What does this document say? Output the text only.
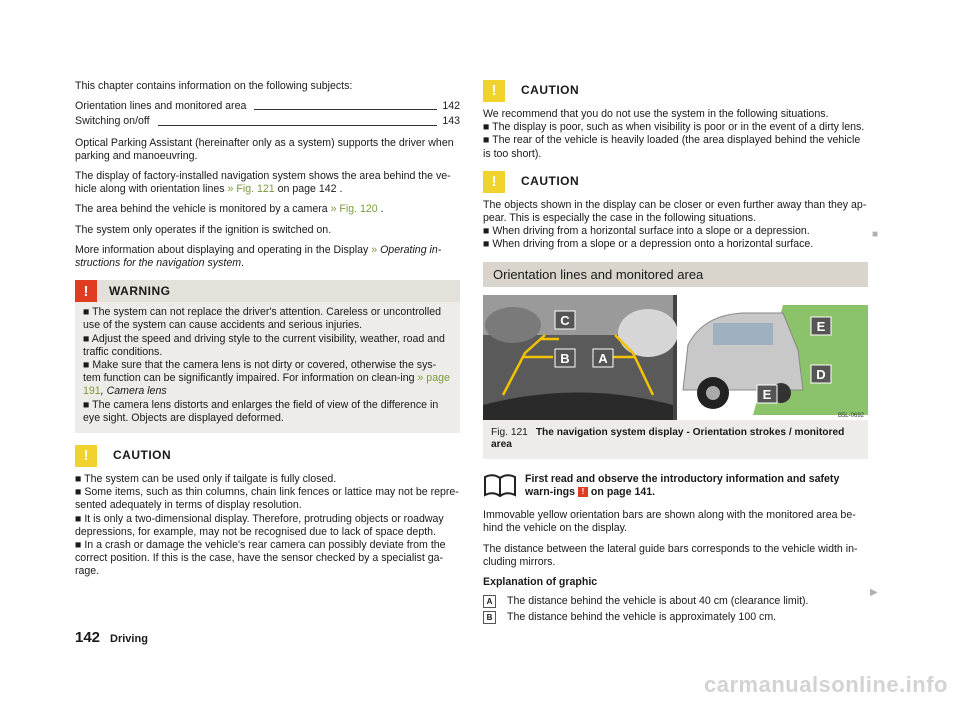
This chapter contains information on the following subjects:

Orientation lines and monitored area	142
Switching on/off	143

Optical Parking Assistant (hereinafter only as a system) supports the driver when parking and manoeuvring.

The display of factory-installed navigation system shows the area behind the ve-hicle along with orientation lines » Fig. 121 on page 142 .

The area behind the vehicle is monitored by a camera » Fig. 120 .

The system only operates if the ignition is switched on.

More information about displaying and operating in the Display » Operating in-structions for the navigation system.

!	WARNING

■ The system can not replace the driver's attention. Careless or uncontrolled use of the system can cause accidents and serious injuries.

■ Adjust the speed and driving style to the current visibility, weather, road and traffic conditions.

■ Make sure that the camera lens is not dirty or covered, otherwise the sys-tem function can be significantly impaired. For information on clean-ing » page 191, Camera lens

■ The camera lens distorts and enlarges the field of view of the difference in eye sight. Objects are displayed deformed.

!	CAUTION

■ The system can be used only if tailgate is fully closed.

■ Some items, such as thin columns, chain link fences or lattice may not be repre-sented adequately in terms of display resolution.

■ It is only a two-dimensional display. Therefore, protruding objects or roadway depressions, for example, may not be recognised due to lack of space depth.

■ In a crash or damage the vehicle's rear camera can possibly deviate from the correct position. If this is the case, have the sensor checked by a specialist ga-rage.

!	CAUTION

We recommend that you do not use the system in the following situations.

■ The display is poor, such as when visibility is poor or in the event of a dirty lens.

■ The rear of the vehicle is heavily loaded (the area displayed behind the vehicle is too short).

!	CAUTION

The objects shown in the display can be closer or even further away than they ap-pear. This is especially the case in the following situations.

■ When driving from a horizontal surface into a slope or a depression.

■ When driving from a slope or a depression onto a horizontal surface.

Orientation lines and monitored area
C
B A
E
D
E
B5L-0692
Fig. 121 The navigation system display - Orientation strokes / monitored area
First read and observe the introductory information and safety warn-ings ! on page 141.

Immovable yellow orientation bars are shown along with the monitored area be-hind the vehicle on the display.

The distance between the lateral guide bars corresponds to the vehicle width in-cluding mirrors.

Explanation of graphic

A	The distance behind the vehicle is about 40 cm (clearance limit).
B	The distance behind the vehicle is approximately 100 cm.
■
▶
142 Driving
carmanualsonline.info
